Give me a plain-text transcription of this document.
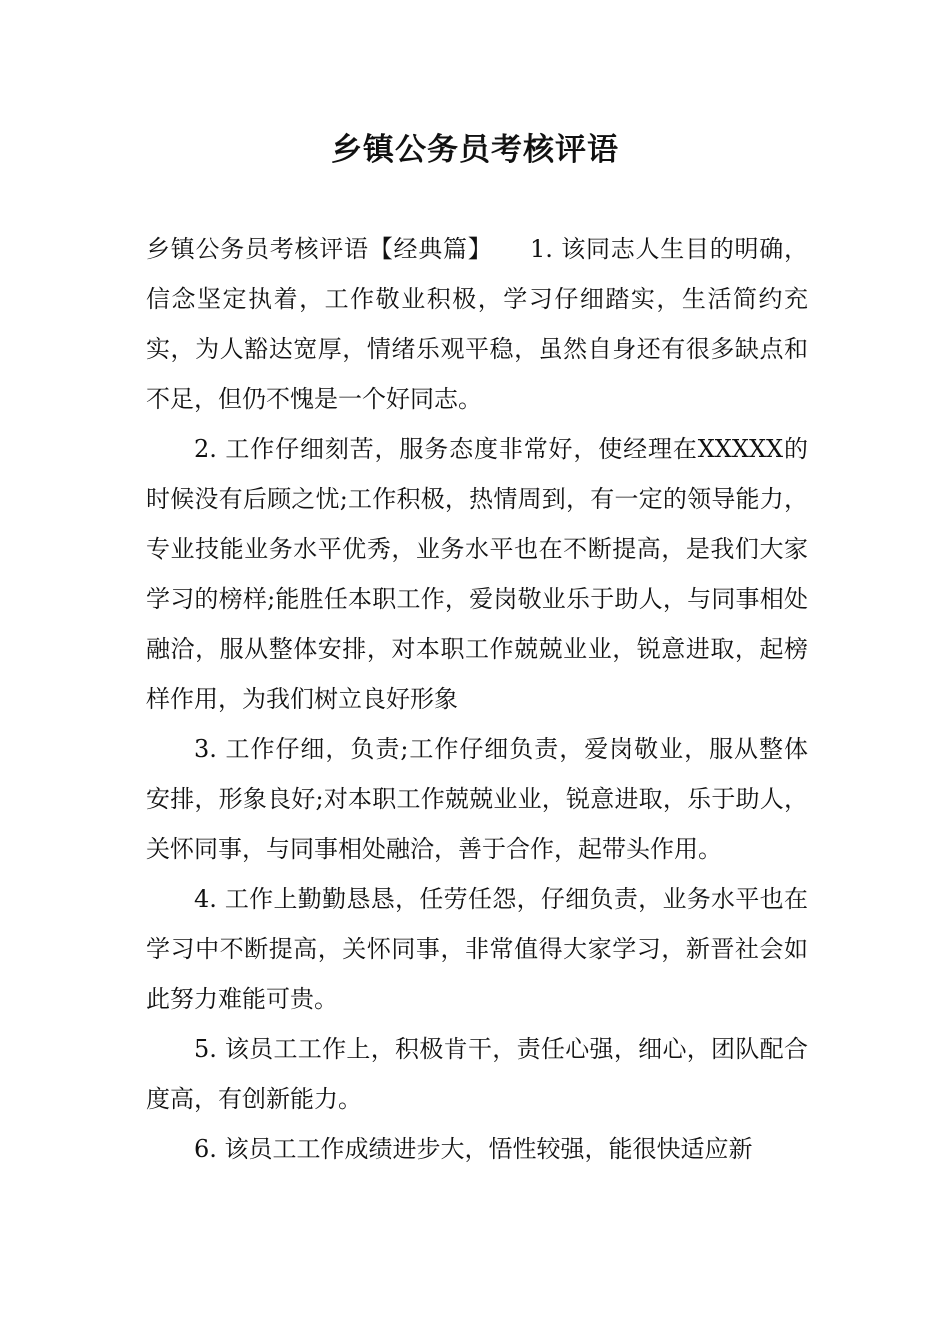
乡镇公务员考核评语

乡镇公务员考核评语【经典篇】　　1. 该同志人生目的明确，信念坚定执着，工作敬业积极，学习仔细踏实，生活简约充实，为人豁达宽厚，情绪乐观平稳，虽然自身还有很多缺点和不足，但仍不愧是一个好同志。

2. 工作仔细刻苦，服务态度非常好，使经理在XXXXX的时候没有后顾之忧;工作积极，热情周到，有一定的领导能力，专业技能业务水平优秀，业务水平也在不断提高，是我们大家学习的榜样;能胜任本职工作，爱岗敬业乐于助人，与同事相处融洽，服从整体安排，对本职工作兢兢业业，锐意进取，起榜样作用，为我们树立良好形象

3. 工作仔细，负责;工作仔细负责，爱岗敬业，服从整体安排，形象良好;对本职工作兢兢业业，锐意进取，乐于助人，关怀同事，与同事相处融洽，善于合作，起带头作用。

4. 工作上勤勤恳恳，任劳任怨，仔细负责，业务水平也在学习中不断提高，关怀同事，非常值得大家学习，新晋社会如此努力难能可贵。

5. 该员工工作上，积极肯干，责任心强，细心，团队配合度高，有创新能力。

6. 该员工工作成绩进步大，悟性较强，能很快适应新
